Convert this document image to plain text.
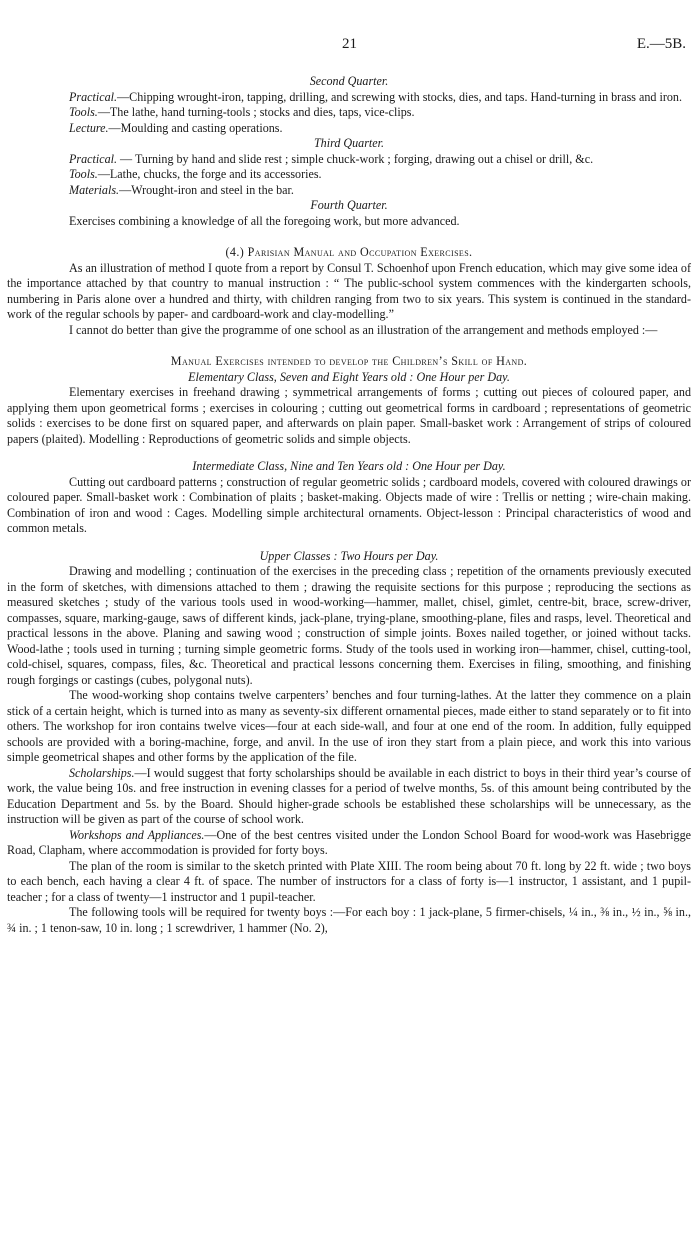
21	E.—5B.

Second Quarter.

Practical.—Chipping wrought-iron, tapping, drilling, and screwing with stocks, dies, and taps. Hand-turning in brass and iron.

Tools.—The lathe, hand turning-tools ; stocks and dies, taps, vice-clips.

Lecture.—Moulding and casting operations.

Third Quarter.

Practical. — Turning by hand and slide rest ; simple chuck-work ; forging, drawing out a chisel or drill, &c.

Tools.—Lathe, chucks, the forge and its accessories.

Materials.—Wrought-iron and steel in the bar.

Fourth Quarter.

Exercises combining a knowledge of all the foregoing work, but more advanced.

(4.) Parisian Manual and Occupation Exercises.

As an illustration of method I quote from a report by Consul T. Schoenhof upon French education, which may give some idea of the importance attached by that country to manual instruction : “ The public-school system commences with the kindergarten schools, numbering in Paris alone over a hundred and thirty, with children ranging from two to six years. This system is continued in the standard-work of the regular schools by paper- and cardboard-work and clay-modelling.”

I cannot do better than give the programme of one school as an illustration of the arrangement and methods employed :—

Manual Exercises intended to develop the Children’s Skill of Hand.

Elementary Class, Seven and Eight Years old : One Hour per Day.

Elementary exercises in freehand drawing ; symmetrical arrangements of forms ; cutting out pieces of coloured paper, and applying them upon geometrical forms ; exercises in colouring ; cutting out geometrical forms in cardboard ; representations of geometric solids : exercises to be done first on squared paper, and afterwards on plain paper. Small-basket work : Arrangement of strips of coloured papers (plaited). Modelling : Reproductions of geometric solids and simple objects.

Intermediate Class, Nine and Ten Years old : One Hour per Day.

Cutting out cardboard patterns ; construction of regular geometric solids ; cardboard models, covered with coloured drawings or coloured paper. Small-basket work : Combination of plaits ; basket-making. Objects made of wire : Trellis or netting ; wire-chain making. Combination of iron and wood : Cages. Modelling simple architectural ornaments. Object-lesson : Principal characteristics of wood and common metals.

Upper Classes : Two Hours per Day.

Drawing and modelling ; continuation of the exercises in the preceding class ; repetition of the ornaments previously executed in the form of sketches, with dimensions attached to them ; drawing the requisite sections for this purpose ; reproducing the sections as measured sketches ; study of the various tools used in wood-working—hammer, mallet, chisel, gimlet, centre-bit, brace, screw-driver, compasses, square, marking-gauge, saws of different kinds, jack-plane, trying-plane, smoothing-plane, files and rasps, level. Theoretical and practical lessons in the above. Planing and sawing wood ; construction of simple joints. Boxes nailed together, or joined without tacks. Wood-lathe ; tools used in turning ; turning simple geometric forms. Study of the tools used in working iron—hammer, chisel, cutting-tool, cold-chisel, squares, compass, files, &c. Theoretical and practical lessons concerning them. Exercises in filing, smoothing, and finishing rough forgings or castings (cubes, polygonal nuts).

The wood-working shop contains twelve carpenters’ benches and four turning-lathes. At the latter they commence on a plain stick of a certain height, which is turned into as many as seventy-six different ornamental pieces, made either to stand separately or to fit into others. The workshop for iron contains twelve vices—four at each side-wall, and four at one end of the room. In addition, fully equipped schools are provided with a boring-machine, forge, and anvil. In the use of iron they start from a plain piece, and work this into various simple geometrical shapes and other forms by the application of the file.

Scholarships.—I would suggest that forty scholarships should be available in each district to boys in their third year’s course of work, the value being 10s. and free instruction in evening classes for a period of twelve months, 5s. of this amount being contributed by the Education Department and 5s. by the Board. Should higher-grade schools be established these scholarships will be unnecessary, as the instruction will be given as part of the course of school work.

Workshops and Appliances.—One of the best centres visited under the London School Board for wood-work was Hasebrigge Road, Clapham, where accommodation is provided for forty boys.

The plan of the room is similar to the sketch printed with Plate XIII. The room being about 70 ft. long by 22 ft. wide ; two boys to each bench, each having a clear 4 ft. of space. The number of instructors for a class of forty is—1 instructor, 1 assistant, and 1 pupil-teacher ; for a class of twenty—1 instructor and 1 pupil-teacher.

The following tools will be required for twenty boys :—For each boy : 1 jack-plane, 5 firmer-chisels, ¼ in., ⅜ in., ½ in., ⅝ in., ¾ in. ; 1 tenon-saw, 10 in. long ; 1 screwdriver, 1 hammer (No. 2),
